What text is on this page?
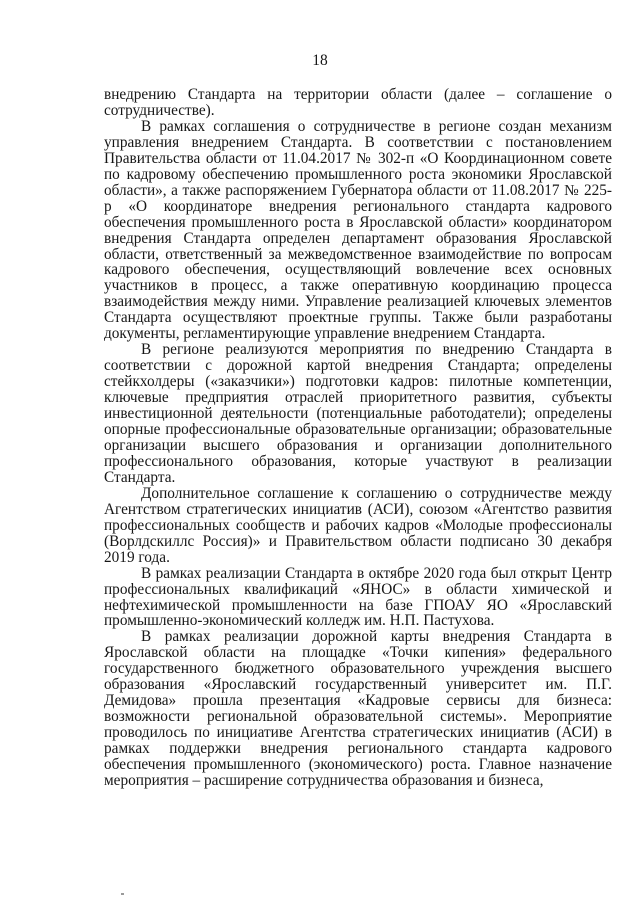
18

внедрению Стандарта на территории области (далее – соглашение о сотрудничестве).

В рамках соглашения о сотрудничестве в регионе создан механизм управления внедрением Стандарта. В соответствии с постановлением Правительства области от 11.04.2017 № 302-п «О Координационном совете по кадровому обеспечению промышленного роста экономики Ярославской области», а также распоряжением Губернатора области от 11.08.2017 № 225-р «О координаторе внедрения регионального стандарта кадрового обеспечения промышленного роста в Ярославской области» координатором внедрения Стандарта определен департамент образования Ярославской области, ответственный за межведомственное взаимодействие по вопросам кадрового обеспечения, осуществляющий вовлечение всех основных участников в процесс, а также оперативную координацию процесса взаимодействия между ними. Управление реализацией ключевых элементов Стандарта осуществляют проектные группы. Также были разработаны документы, регламентирующие управление внедрением Стандарта.

В регионе реализуются мероприятия по внедрению Стандарта в соответствии с дорожной картой внедрения Стандарта; определены стейкхолдеры («заказчики») подготовки кадров: пилотные компетенции, ключевые предприятия отраслей приоритетного развития, субъекты инвестиционной деятельности (потенциальные работодатели); определены опорные профессиональные образовательные организации; образовательные организации высшего образования и организации дополнительного профессионального образования, которые участвуют в реализации Стандарта.

Дополнительное соглашение к соглашению о сотрудничестве между Агентством стратегических инициатив (АСИ), союзом «Агентство развития профессиональных сообществ и рабочих кадров «Молодые профессионалы (Ворлдскиллс Россия)» и Правительством области подписано 30 декабря 2019 года.

В рамках реализации Стандарта в октябре 2020 года был открыт Центр профессиональных квалификаций «ЯНОС» в области химической и нефтехимической промышленности на базе ГПОАУ ЯО «Ярославский промышленно-экономический колледж им. Н.П. Пастухова.

В рамках реализации дорожной карты внедрения Стандарта в Ярославской области на площадке «Точки кипения» федерального государственного бюджетного образовательного учреждения высшего образования «Ярославский государственный университет им. П.Г. Демидова» прошла презентация «Кадровые сервисы для бизнеса: возможности региональной образовательной системы». Мероприятие проводилось по инициативе Агентства стратегических инициатив (АСИ) в рамках поддержки внедрения регионального стандарта кадрового обеспечения промышленного (экономического) роста. Главное назначение мероприятия – расширение сотрудничества образования и бизнеса,
